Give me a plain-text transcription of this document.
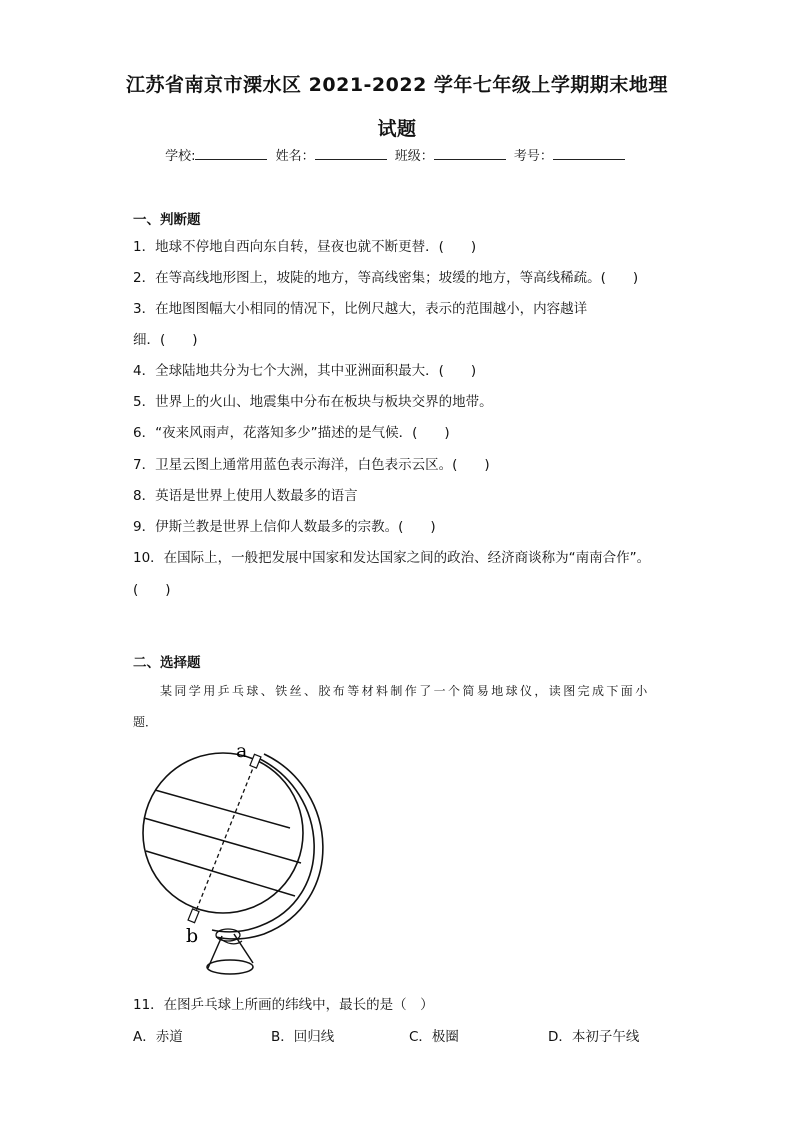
江苏省南京市溧水区 2021-2022 学年七年级上学期期末地理
试题
学校:	姓名：	班级：	考号：
一、判断题
1．地球不停地自西向东自转，昼夜也就不断更替．(　　)
2．在等高线地形图上，坡陡的地方，等高线密集；坡缓的地方，等高线稀疏。(　　)
3．在地图图幅大小相同的情况下，比例尺越大，表示的范围越小，内容越详
细．(　　)
4．全球陆地共分为七个大洲，其中亚洲面积最大．(　　)
5．世界上的火山、地震集中分布在板块与板块交界的地带。
6．“夜来风雨声，花落知多少”描述的是气候．(　　)
7．卫星云图上通常用蓝色表示海洋，白色表示云区。(　　)
8．英语是世界上使用人数最多的语言
9．伊斯兰教是世界上信仰人数最多的宗教。(　　)
10．在国际上，一般把发展中国家和发达国家之间的政治、经济商谈称为“南南合作”。
(　　)
二、选择题
某同学用乒乓球、铁丝、胶布等材料制作了一个简易地球仪，读图完成下面小
题．
a
b
11．在图乒乓球上所画的纬线中，最长的是（　）
A．赤道	B．回归线	C．极圈	D．本初子午线
